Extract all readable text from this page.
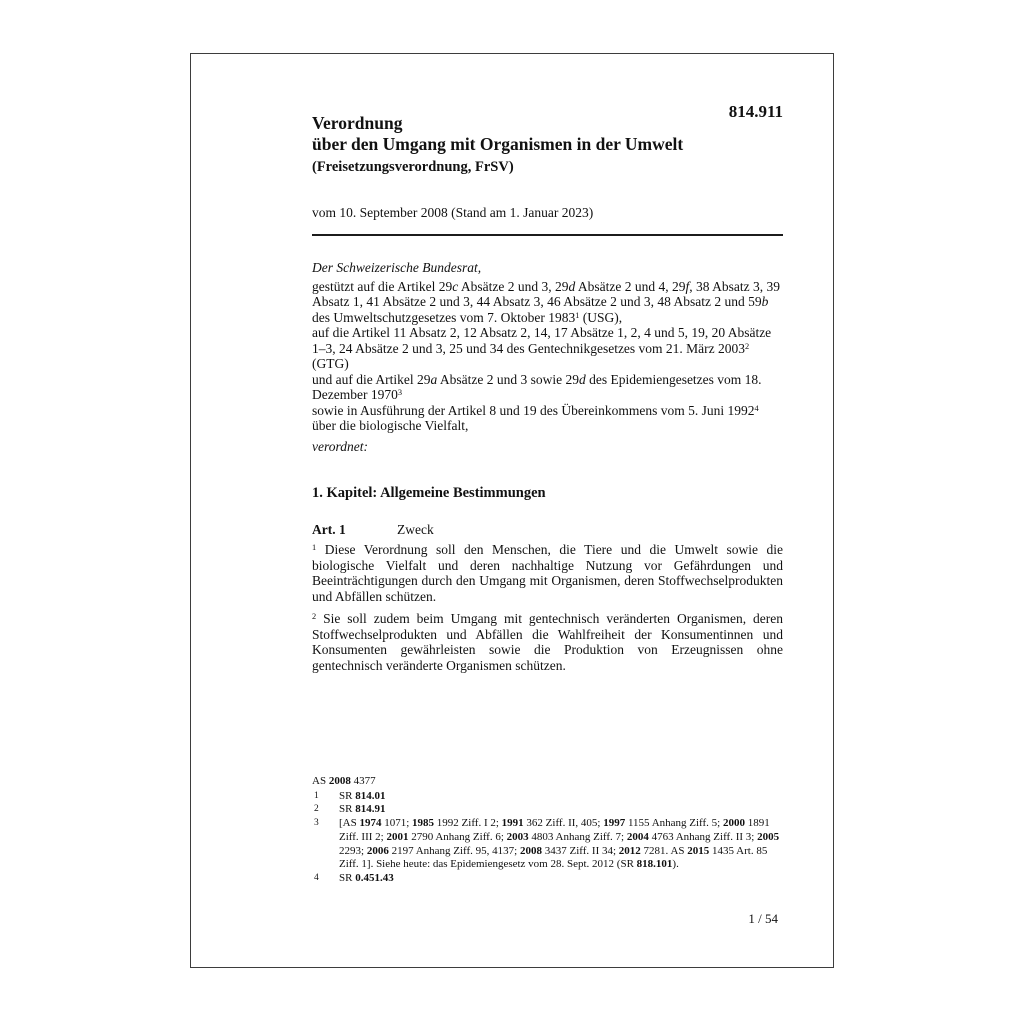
814.911
Verordnung
über den Umgang mit Organismen in der Umwelt
(Freisetzungsverordnung, FrSV)
vom 10. September 2008 (Stand am 1. Januar 2023)
Der Schweizerische Bundesrat,
gestützt auf die Artikel 29c Absätze 2 und 3, 29d Absätze 2 und 4, 29f, 38 Absatz 3, 39 Absatz 1, 41 Absätze 2 und 3, 44 Absatz 3, 46 Absätze 2 und 3, 48 Absatz 2 und 59b des Umweltschutzgesetzes vom 7. Oktober 1983$^1$ (USG),
auf die Artikel 11 Absatz 2, 12 Absatz 2, 14, 17 Absätze 1, 2, 4 und 5, 19, 20 Absätze 1–3, 24 Absätze 2 und 3, 25 und 34 des Gentechnikgesetzes vom 21. März 2003$^2$ (GTG)
und auf die Artikel 29a Absätze 2 und 3 sowie 29d des Epidemiengesetzes vom 18. Dezember 1970$^3$
sowie in Ausführung der Artikel 8 und 19 des Übereinkommens vom 5. Juni 1992$^4$ über die biologische Vielfalt,
verordnet:
1. Kapitel: Allgemeine Bestimmungen
Art. 1	Zweck

$^1$ Diese Verordnung soll den Menschen, die Tiere und die Umwelt sowie die biologische Vielfalt und deren nachhaltige Nutzung vor Gefährdungen und Beeinträchtigungen durch den Umgang mit Organismen, deren Stoffwechselprodukten und Abfällen schützen.

$^2$ Sie soll zudem beim Umgang mit gentechnisch veränderten Organismen, deren Stoffwechselprodukten und Abfällen die Wahlfreiheit der Konsumentinnen und Konsumenten gewährleisten sowie die Produktion von Erzeugnissen ohne gentechnisch veränderte Organismen schützen.

AS 2008 4377
1	SR 814.01
2	SR 814.91
3	[AS 1974 1071; 1985 1992 Ziff. I 2; 1991 362 Ziff. II, 405; 1997 1155 Anhang Ziff. 5; 2000 1891 Ziff. III 2; 2001 2790 Anhang Ziff. 6; 2003 4803 Anhang Ziff. 7; 2004 4763 Anhang Ziff. II 3; 2005 2293; 2006 2197 Anhang Ziff. 95, 4137; 2008 3437 Ziff. II 34; 2012 7281. AS 2015 1435 Art. 85 Ziff. 1]. Siehe heute: das Epidemiengesetz vom 28. Sept. 2012 (SR 818.101).
4	SR 0.451.43
1 / 54
